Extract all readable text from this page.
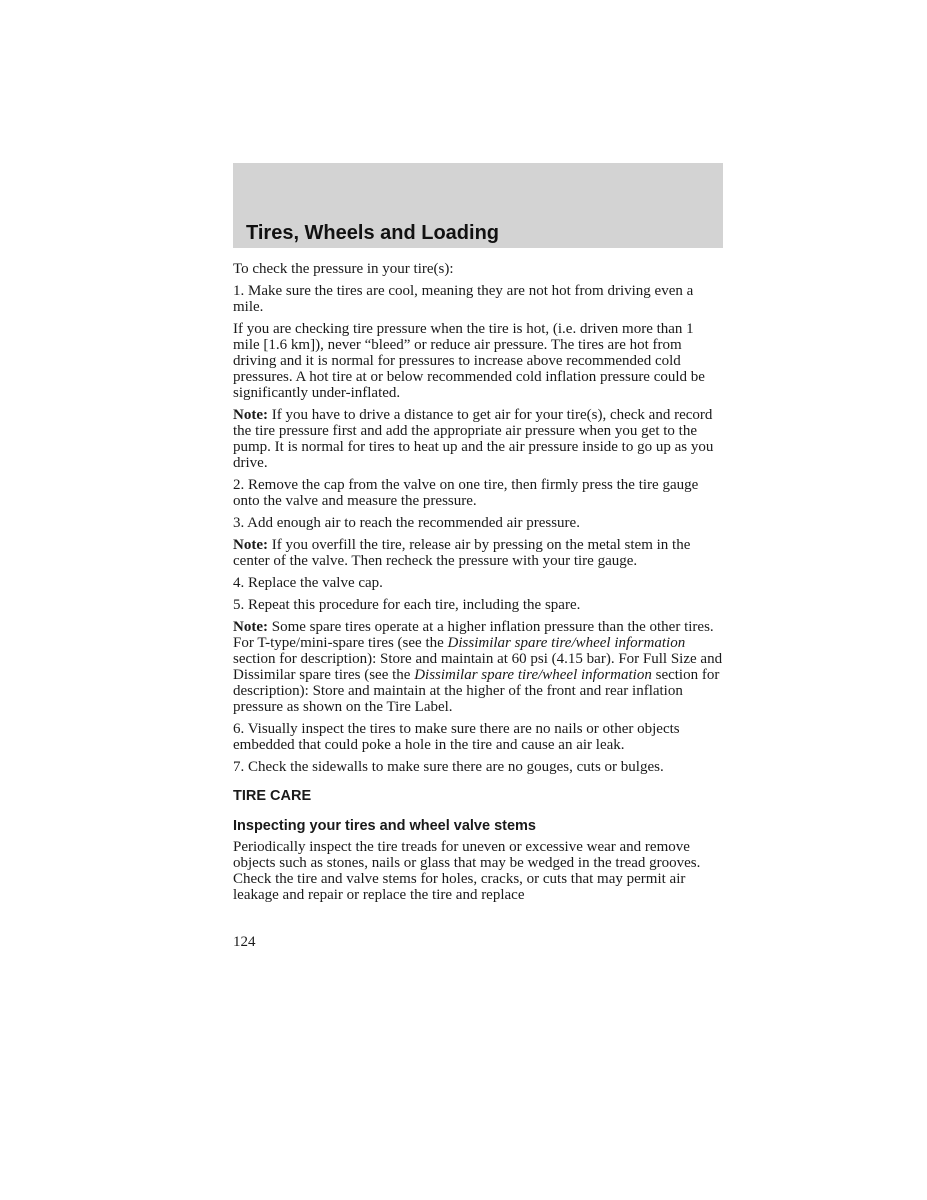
Tires, Wheels and Loading

To check the pressure in your tire(s):

1. Make sure the tires are cool, meaning they are not hot from driving even a mile.

If you are checking tire pressure when the tire is hot, (i.e. driven more than 1 mile [1.6 km]), never “bleed” or reduce air pressure. The tires are hot from driving and it is normal for pressures to increase above recommended cold pressures. A hot tire at or below recommended cold inflation pressure could be significantly under-inflated.

Note: If you have to drive a distance to get air for your tire(s), check and record the tire pressure first and add the appropriate air pressure when you get to the pump. It is normal for tires to heat up and the air pressure inside to go up as you drive.

2. Remove the cap from the valve on one tire, then firmly press the tire gauge onto the valve and measure the pressure.

3. Add enough air to reach the recommended air pressure.

Note: If you overfill the tire, release air by pressing on the metal stem in the center of the valve. Then recheck the pressure with your tire gauge.

4. Replace the valve cap.

5. Repeat this procedure for each tire, including the spare.

Note: Some spare tires operate at a higher inflation pressure than the other tires. For T-type/mini-spare tires (see the Dissimilar spare tire/wheel information section for description): Store and maintain at 60 psi (4.15 bar). For Full Size and Dissimilar spare tires (see the Dissimilar spare tire/wheel information section for description): Store and maintain at the higher of the front and rear inflation pressure as shown on the Tire Label.

6. Visually inspect the tires to make sure there are no nails or other objects embedded that could poke a hole in the tire and cause an air leak.

7. Check the sidewalls to make sure there are no gouges, cuts or bulges.

TIRE CARE
Inspecting your tires and wheel valve stems

Periodically inspect the tire treads for uneven or excessive wear and remove objects such as stones, nails or glass that may be wedged in the tread grooves. Check the tire and valve stems for holes, cracks, or cuts that may permit air leakage and repair or replace the tire and replace

124
